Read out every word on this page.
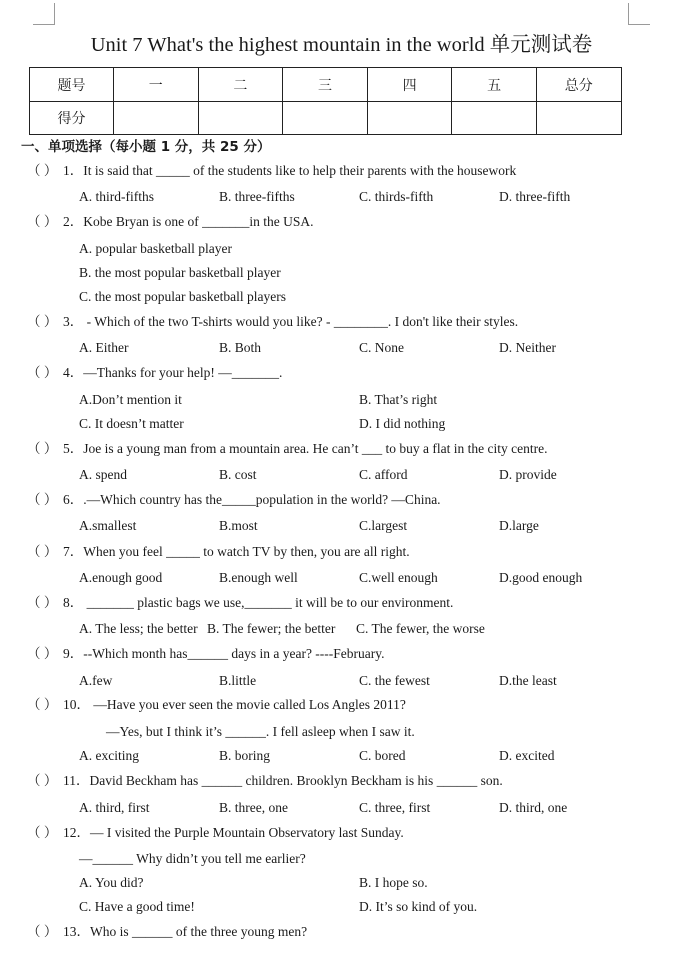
Unit 7 What's the highest mountain in the world 单元测试卷
题号	一	二	三	四	五	总分
得分						
一、单项选择（每小题 1 分，共 25 分）
（ ） 1．It is said that _____ of the students like to help their parents with the housework
A. third-fifths	B. three-fifths	C. thirds-fifth	D. three-fifth
（ ） 2．Kobe Bryan is one of _______in the USA.
A. popular basketball player
B. the most popular basketball player
C. the most popular basketball players
（ ） 3． - Which of the two T-shirts would you like? - ________. I don't like their styles.
A. Either	B. Both	C. None	D. Neither
（ ） 4．—Thanks for your help! —_______.
A.Don’t mention it	B. That’s right
C. It doesn’t matter	D. I did nothing
（ ） 5．Joe is a young man from a mountain area. He can’t ___ to buy a flat in the city centre.
A. spend	B. cost	C. afford	D. provide
（ ） 6．.—Which country has the_____population in the world? —China.
A.smallest	B.most	C.largest	D.large
（ ） 7．When you feel _____ to watch TV by then, you are all right.
A.enough good	B.enough well	C.well enough	D.good enough
（ ） 8． _______ plastic bags we use,_______ it will be to our environment.
A. The less; the better B. The fewer; the better C. The fewer, the worse
（ ） 9．--Which month has______ days in a year? ----February.
A.few	B.little	C. the fewest	D.the least
（ ） 10． —Have you ever seen the movie called Los Angles 2011?
—Yes, but I think it’s ______. I fell asleep when I saw it.
A. exciting	B. boring	C. bored	D. excited
（ ） 11．David Beckham has ______ children. Brooklyn Beckham is his ______ son.
A. third, first	B. three, one	C. three, first	D. third, one
（ ） 12．— I visited the Purple Mountain Observatory last Sunday.
—______ Why didn’t you tell me earlier?
A. You did?	B. I hope so.
C. Have a good time!	D. It’s so kind of you.
（ ） 13．Who is ______ of the three young men?
